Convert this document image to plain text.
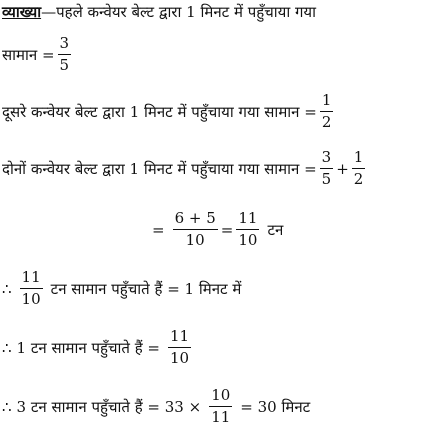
व्याख्या — पहले कन्वेयर बेल्ट द्वारा 1 मिनट में पहुँचाया गया
सामान = $\frac{3}{5}$
दूसरे कन्वेयर बेल्ट द्वारा 1 मिनट में पहुँचाया गया सामान = $\frac{1}{2}$
दोनों कन्वेयर बेल्ट द्वारा 1 मिनट में पहुँचाया गया सामान = $\frac{3}{5} + \frac{1}{2}$
= $\frac{6 + 5}{10} = \frac{11}{10}$ टन
∴ $\frac{11}{10}$ टन सामान पहुँचाते हैं = 1 मिनट में
∴ 1 टन सामान पहुँचाते हैं = $\frac{11}{10}$
∴ 3 टन सामान पहुँचाते हैं = $33 \times \frac{10}{11} = 30$ मिनट
